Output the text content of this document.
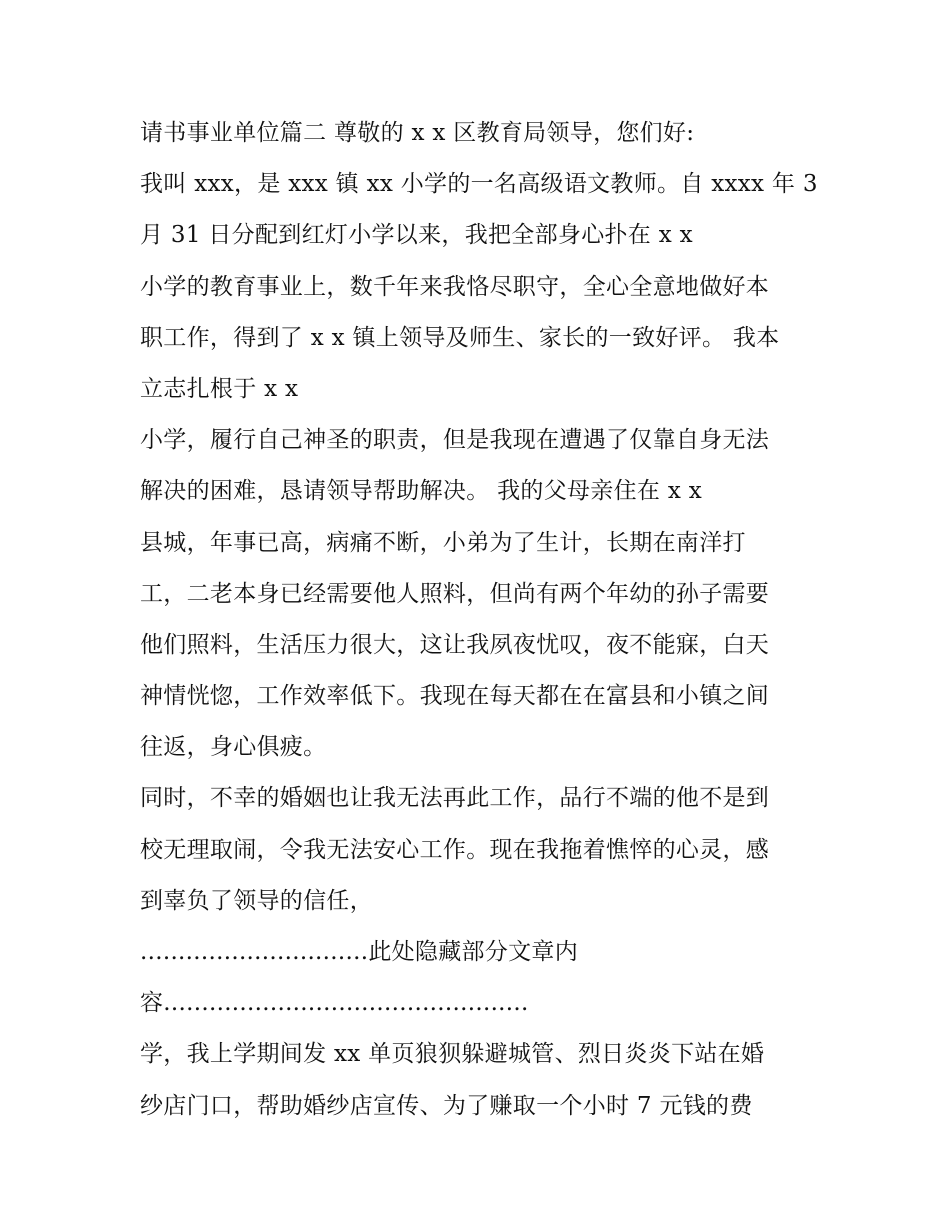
请书事业单位篇二 尊敬的 x x 区教育局领导，您们好:
我叫 xxx，是 xxx 镇 xx 小学的一名高级语文教师。自 xxxx 年 3
月 31 日分配到红灯小学以来，我把全部身心扑在 x x
小学的教育事业上，数千年来我恪尽职守，全心全意地做好本
职工作，得到了 x x 镇上领导及师生、家长的一致好评。 我本
立志扎根于 x x
小学，履行自己神圣的职责，但是我现在遭遇了仅靠自身无法
解决的困难，恳请领导帮助解决。 我的父母亲住在 x x
县城，年事已高，病痛不断，小弟为了生计，长期在南洋打
工，二老本身已经需要他人照料，但尚有两个年幼的孙子需要
他们照料，生活压力很大，这让我夙夜忧叹，夜不能寐，白天
神情恍惚，工作效率低下。我现在每天都在在富县和小镇之间
往返，身心俱疲。
同时，不幸的婚姻也让我无法再此工作，品行不端的他不是到
校无理取闹，令我无法安心工作。现在我拖着憔悴的心灵，感
到辜负了领导的信任，
..............................此处隐藏部分文章内
容................................................
学，我上学期间发 xx 单页狼狈躲避城管、烈日炎炎下站在婚
纱店门口，帮助婚纱店宣传、为了赚取一个小时 7 元钱的费
